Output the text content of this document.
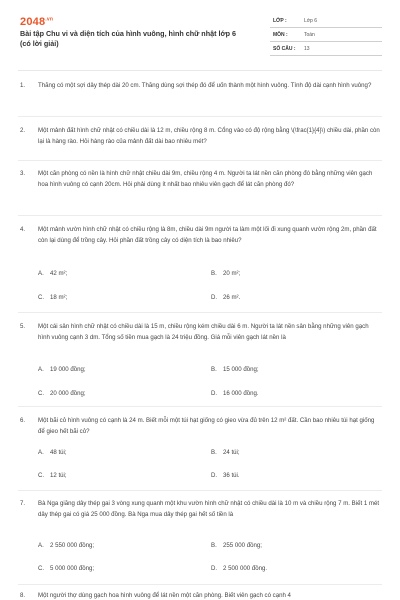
$2048^{.vn}$
Bài tập Chu vi và diện tích của hình vuông, hình chữ nhật lớp 6 (có lời giải)
LỚP :	Lớp 6
MÔN :	Toán
SỐ CÂU : 13
1. Thăng có một sợi dây thép dài 20 cm. Thăng dùng sợi thép đó để uốn thành một hình vuông. Tính độ dài cạnh hình vuông?
2. Một mảnh đất hình chữ nhật có chiều dài là 12 m, chiều rộng 8 m. Cổng vào có độ rộng bằng \(\frac{1}{4}\) chiều dài, phần còn lại là hàng rào. Hỏi hàng rào của mảnh đất dài bao nhiêu mét?
3. Một căn phòng có nền là hình chữ nhật chiều dài 9m, chiều rộng 4 m. Người ta lát nền căn phòng đó bằng những viên gạch hoa hình vuông có cạnh 20cm. Hỏi phải dùng ít nhất bao nhiêu viên gạch để lát căn phòng đó?
4. Một mảnh vườn hình chữ nhật có chiều rộng là 8m, chiều dài 9m người ta làm một lối đi xung quanh vườn rộng 2m, phần đất còn lại dùng để trồng cây. Hỏi phần đất trồng cây có diện tích là bao nhiêu?
A. 42 m²;	B. 20 m²;
C. 18 m²;	D. 26 m².
5. Một cái sân hình chữ nhật có chiều dài là 15 m, chiều rộng kém chiều dài 6 m. Người ta lát nền sân bằng những viên gạch hình vuông cạnh 3 dm. Tổng số tiền mua gạch là 24 triệu đồng. Giá mỗi viên gạch lát nền là
A. 19 000 đồng;	B. 15 000 đồng;
C. 20 000 đồng;	D. 16 000 đồng.
6. Một bãi cỏ hình vuông có cạnh là 24 m. Biết mỗi một túi hạt giống có gieo vừa đủ trên 12 m² đất. Cần bao nhiêu túi hạt giống để gieo hết bãi cỏ?
A. 48 túi;	B. 24 túi;
C. 12 túi;	D. 36 túi.
7. Bà Nga giăng dây thép gai 3 vòng xung quanh một khu vườn hình chữ nhật có chiều dài là 10 m và chiều rộng 7 m. Biết 1 mét dây thép gai có giá 25 000 đồng. Bà Nga mua dây thép gai hết số tiền là
A. 2 550 000 đồng;	B. 255 000 đồng;
C. 5 000 000 đồng;	D. 2 500 000 đồng.
8. Một người thợ dùng gạch hoa hình vuông để lát nền một căn phòng. Biết viên gạch có cạnh 4
